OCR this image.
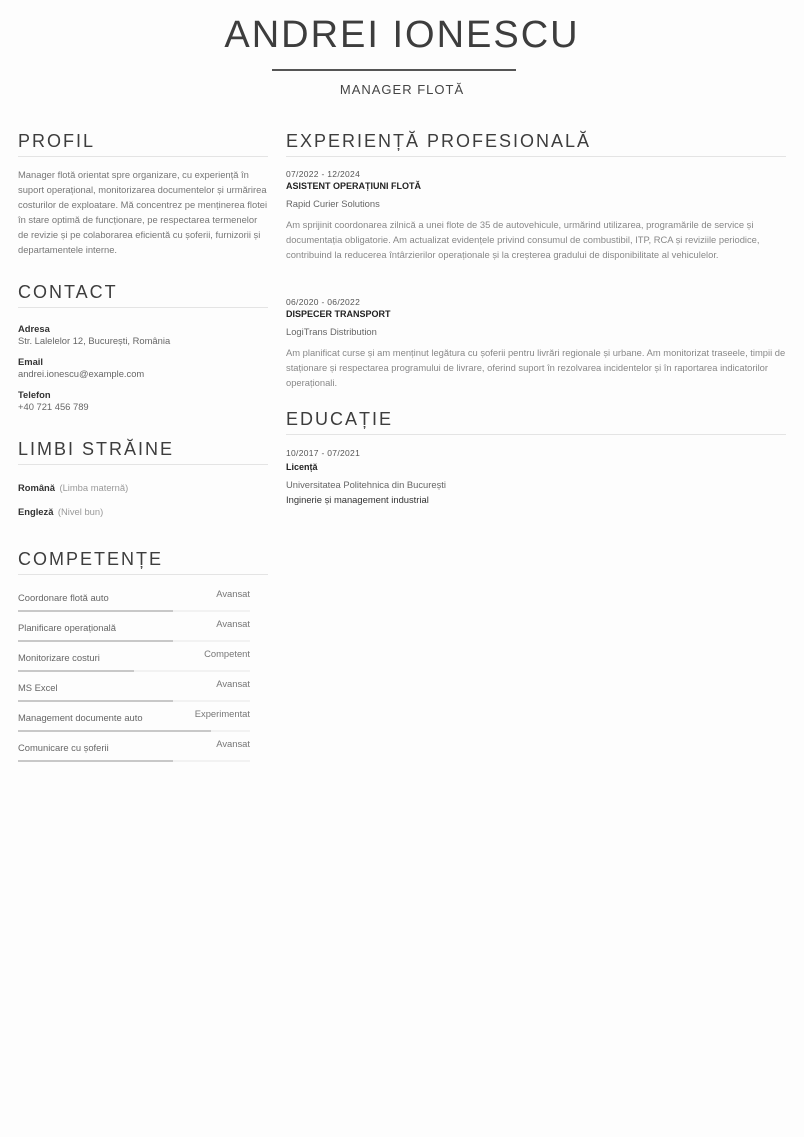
ANDREI IONESCU
MANAGER FLOTĂ
PROFIL
Manager flotă orientat spre organizare, cu experiență în suport operațional, monitorizarea documentelor și urmărirea costurilor de exploatare. Mă concentrez pe menținerea flotei în stare optimă de funcționare, pe respectarea termenelor de revizie și pe colaborarea eficientă cu șoferii, furnizorii și departamentele interne.
CONTACT
Adresa
Str. Lalelelor 12, București, România
Email
andrei.ionescu@example.com
Telefon
+40 721 456 789
LIMBI STRĂINE
Română (Limba maternă)
Engleză (Nivel bun)
COMPETENȚE
Coordonare flotă auto	Avansat
Planificare operațională	Avansat
Monitorizare costuri	Competent
MS Excel	Avansat
Management documente auto	Experimentat
Comunicare cu șoferii	Avansat
EXPERIENȚĂ PROFESIONALĂ
07/2022 - 12/2024
ASISTENT OPERAȚIUNI FLOTĂ
Rapid Curier Solutions
Am sprijinit coordonarea zilnică a unei flote de 35 de autovehicule, urmărind utilizarea, programările de service și documentația obligatorie. Am actualizat evidențele privind consumul de combustibil, ITP, RCA și reviziile periodice, contribuind la reducerea întârzierilor operaționale și la creșterea gradului de disponibilitate al vehiculelor.
06/2020 - 06/2022
DISPECER TRANSPORT
LogiTrans Distribution
Am planificat curse și am menținut legătura cu șoferii pentru livrări regionale și urbane. Am monitorizat traseele, timpii de staționare și respectarea programului de livrare, oferind suport în rezolvarea incidentelor și în raportarea indicatorilor operaționali.
EDUCAȚIE
10/2017 - 07/2021
Licență
Universitatea Politehnica din București
Inginerie și management industrial
